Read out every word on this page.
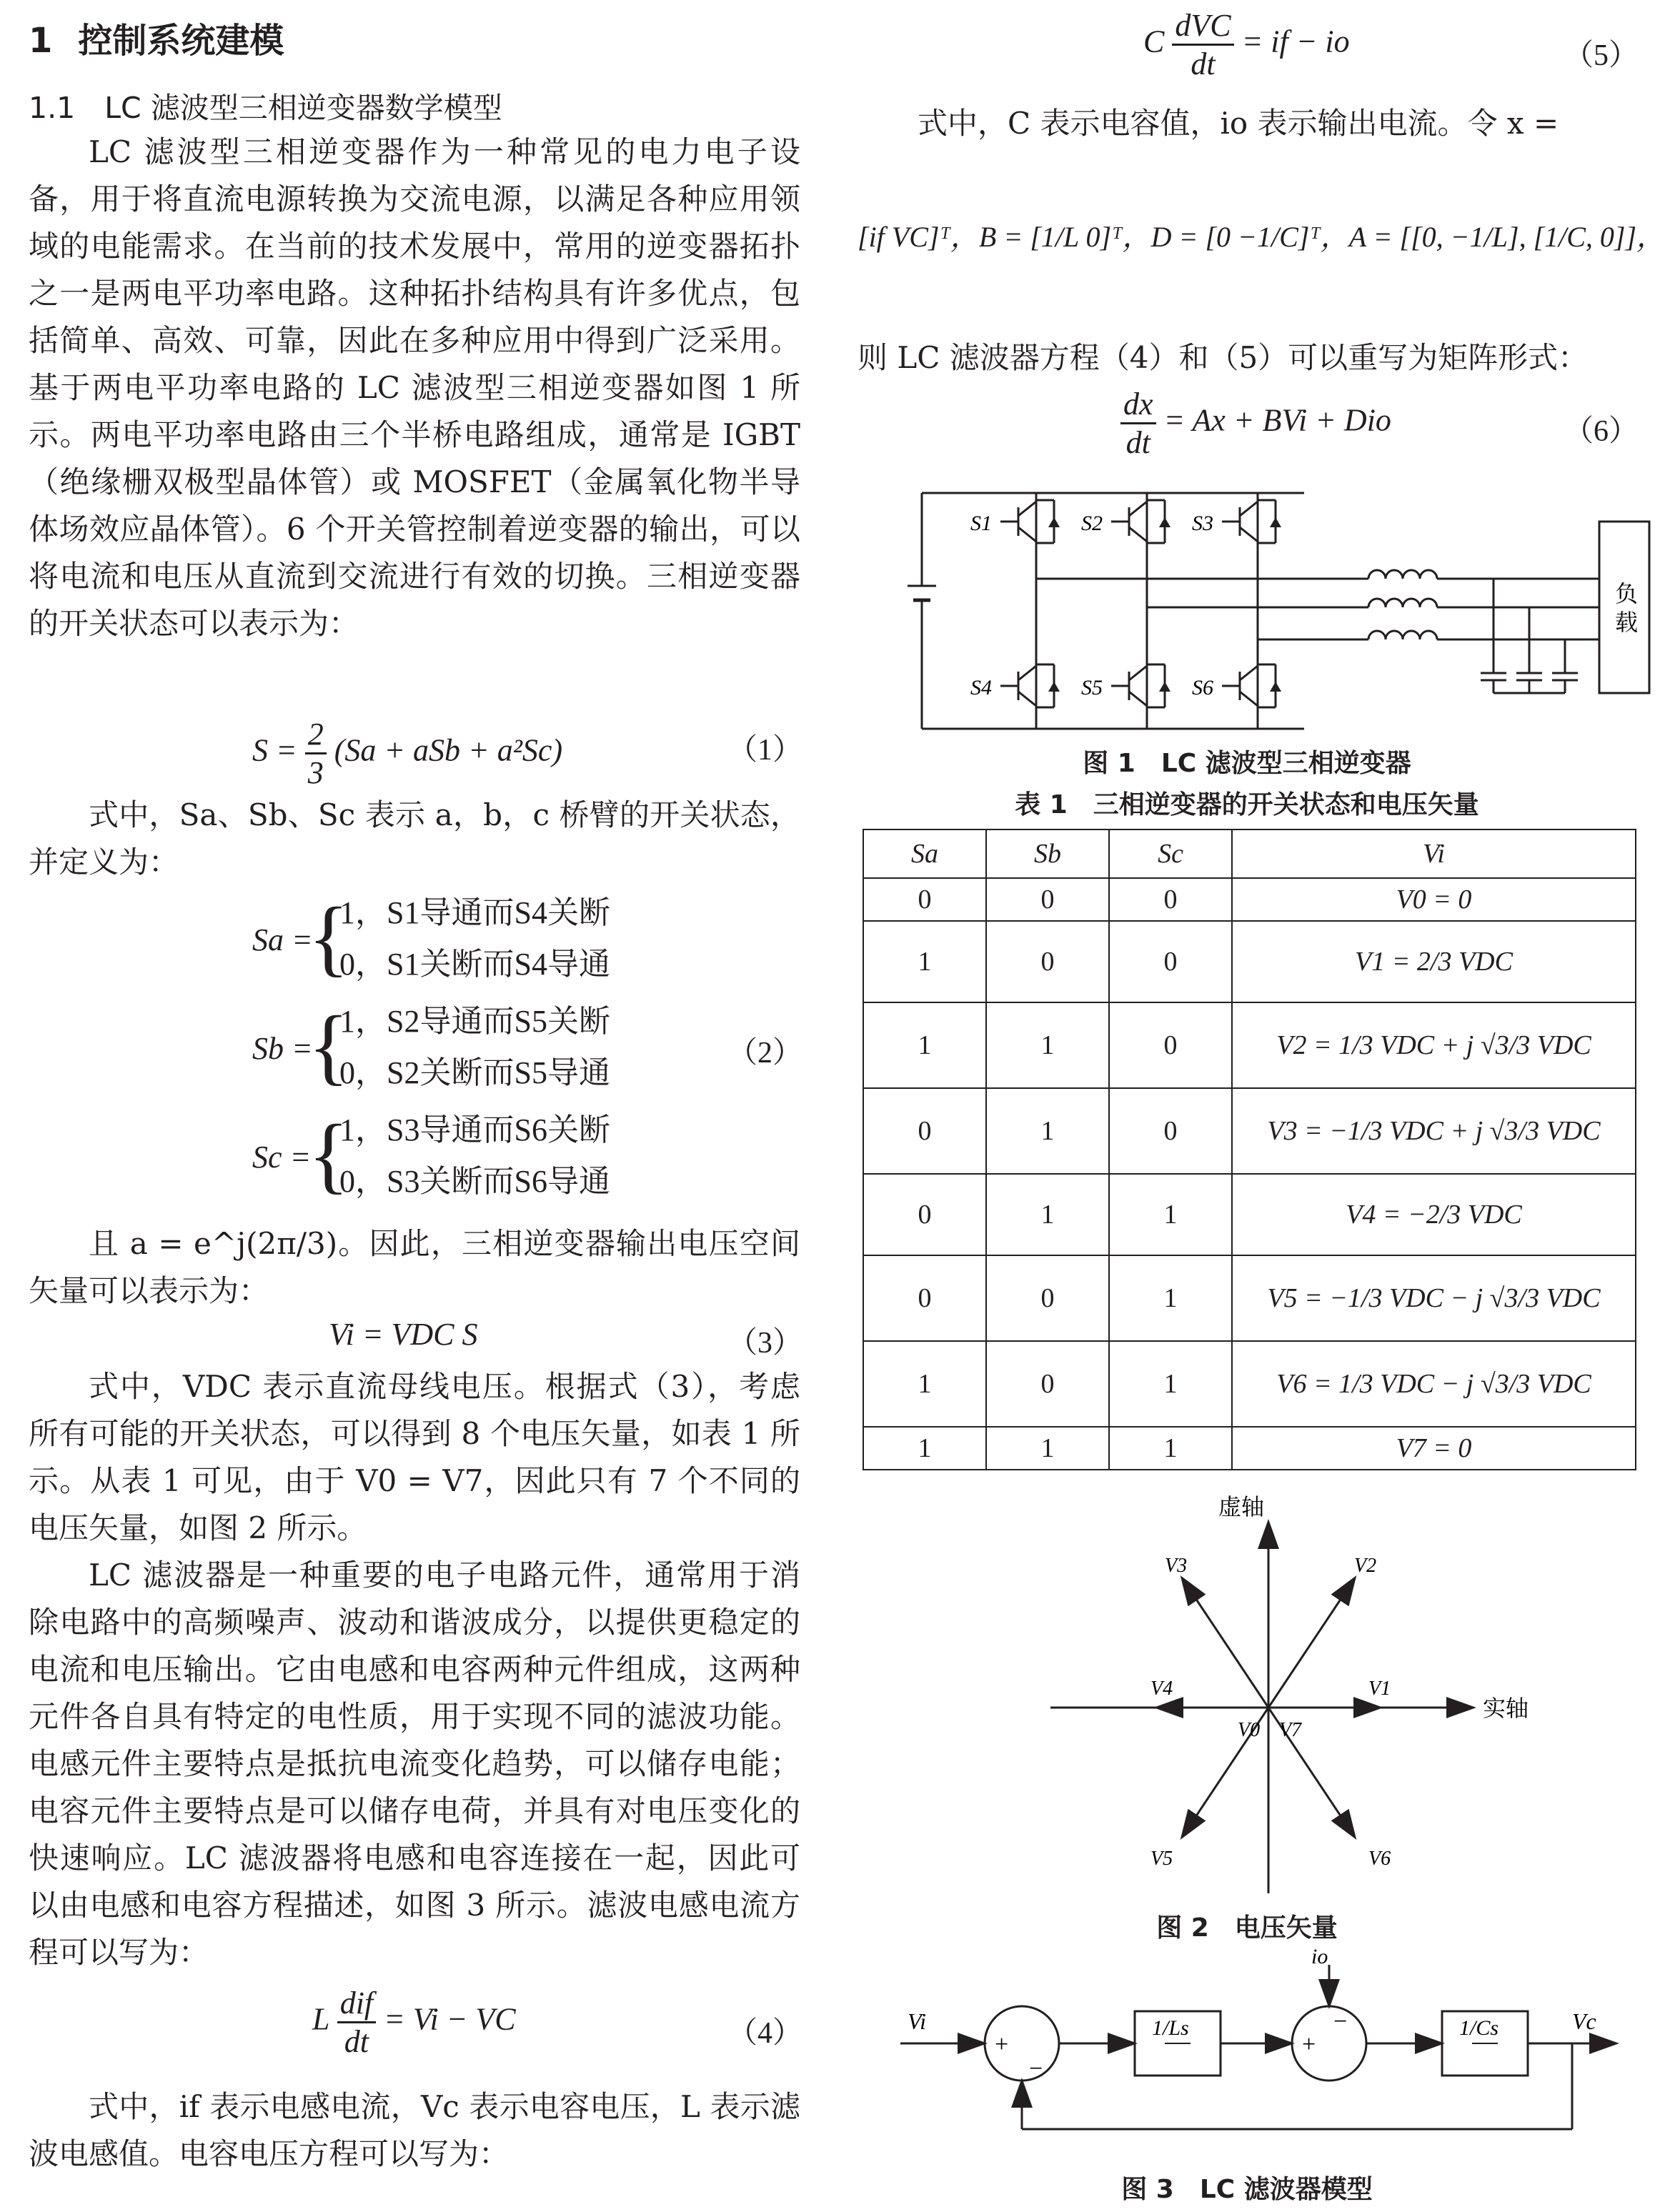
1 控制系统建模
1.1　LC 滤波型三相逆变器数学模型
LC 滤波型三相逆变器作为一种常见的电力电子设备，用于将直流电源转换为交流电源，以满足各种应用领域的电能需求。在当前的技术发展中，常用的逆变器拓扑之一是两电平功率电路。这种拓扑结构具有许多优点，包括简单、高效、可靠，因此在多种应用中得到广泛采用。基于两电平功率电路的 LC 滤波型三相逆变器如图 1 所示。两电平功率电路由三个半桥电路组成，通常是 IGBT（绝缘栅双极型晶体管）或 MOSFET（金属氧化物半导体场效应晶体管）。6 个开关管控制着逆变器的输出，可以将电流和电压从直流到交流进行有效的切换。三相逆变器的开关状态可以表示为：
$S = \frac{2}{3} (Sa$ + aSb + a²Sc)	（1）
式中，Sa、Sb、Sc 表示 a，b，c 桥臂的开关状态，并定义为：
Sa =
{
1，S1导通而S4关断
0，S1关断而S4导通
Sb =
{
1，S2导通而S5关断
0，S2关断而S5导通
Sc =
{
1，S3导通而S6关断
0，S3关断而S6导通
（2）
且 a = e^j(2π/3)。因此，三相逆变器输出电压空间矢量可以表示为：
Vi = VDC S	（3）
式中，VDC 表示直流母线电压。根据式（3），考虑所有可能的开关状态，可以得到 8 个电压矢量，如表 1 所示。从表 1 可见，由于 V0 = V7，因此只有 7 个不同的电压矢量，如图 2 所示。
LC 滤波器是一种重要的电子电路元件，通常用于消除电路中的高频噪声、波动和谐波成分，以提供更稳定的电流和电压输出。它由电感和电容两种元件组成，这两种元件各自具有特定的电性质，用于实现不同的滤波功能。电感元件主要特点是抵抗电流变化趋势，可以储存电能；电容元件主要特点是可以储存电荷，并具有对电压变化的快速响应。LC 滤波器将电感和电容连接在一起，因此可以由电感和电容方程描述，如图 3 所示。滤波电感电流方程可以写为：
L $\frac{\text{dif}}{dt} = Vi$ − VC	（4）
式中，if 表示电感电流，Vc 表示电容电压，L 表示滤波电感值。电容电压方程可以写为：
C $\frac{\text{dVC}}{dt}$ = if − io	（5）
式中，C 表示电容值，io 表示输出电流。令 x =
[if VC]ᵀ，B = [1/L 0]ᵀ，D = [0 −1/C]ᵀ，A = [[0, −1/L], [1/C, 0]]，
则 LC 滤波器方程（4）和（5）可以重写为矩阵形式：
$\frac{dx}{dt} = Ax$ + BVi + Dio	（6）
S1	S2	S3
S4	S5	S6
负
载
图 1　LC 滤波型三相逆变器
表 1　三相逆变器的开关状态和电压矢量
Sa	Sb	Sc	Vi
0	0	0	V0 = 0
1	0	0	V1 = 2/3 VDC
1	1	0	V2 = 1/3 VDC + j √3/3 VDC
0	1	0	V3 = −1/3 VDC + j √3/3 VDC
0	1	1	V4 = −2/3 VDC
0	0	1	V5 = −1/3 VDC − j √3/3 VDC
1	0	1	V6 = 1/3 VDC − j √3/3 VDC
1	1	1	V7 = 0
虚轴
实轴
V0 V7
V1
V2
V3
V4
V5	V6
图 2　电压矢量
Vi
io
Vc
1/Ls	1/Cs
+
−
+
−
图 3　LC 滤波器模型
